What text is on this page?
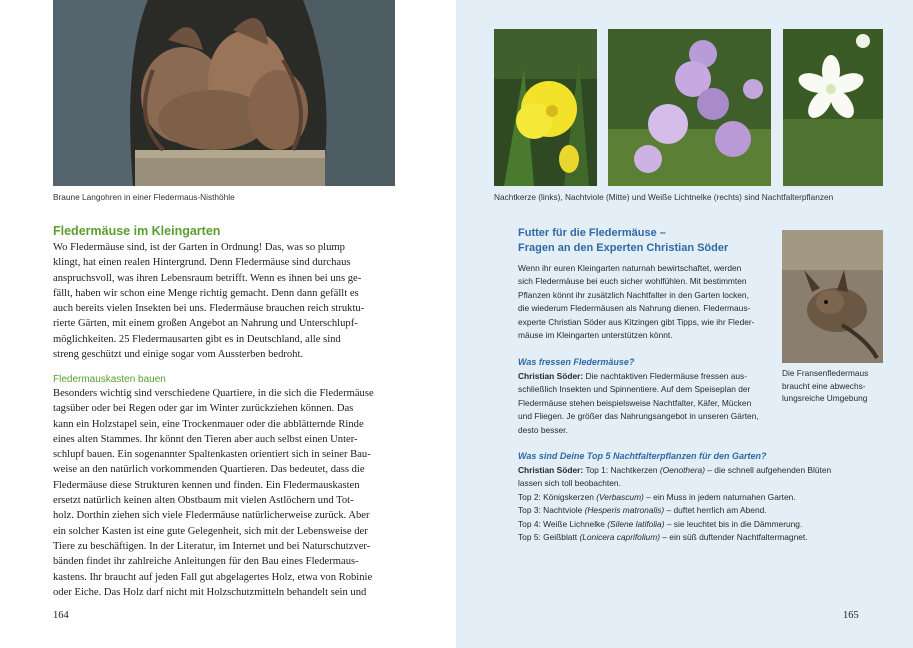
Braune Langohren in einer Fledermaus-Nisthöhle
Fledermäuse im Kleingarten
Wo Fledermäuse sind, ist der Garten in Ordnung! Das, was so plump
klingt, hat einen realen Hintergrund. Denn Fledermäuse sind durchaus
anspruchsvoll, was ihren Lebensraum betrifft. Wenn es ihnen bei uns ge-
fällt, haben wir schon eine Menge richtig gemacht. Denn dann gefällt es
auch bereits vielen Insekten bei uns. Fledermäuse brauchen reich struktu-
rierte Gärten, mit einem großen Angebot an Nahrung und Unterschlupf-
möglichkeiten. 25 Fledermausarten gibt es in Deutschland, alle sind
streng geschützt und einige sogar vom Aussterben bedroht.
Fledermauskasten bauen
Besonders wichtig sind verschiedene Quartiere, in die sich die Fledermäuse
tagsüber oder bei Regen oder gar im Winter zurückziehen können. Das
kann ein Holzstapel sein, eine Trockenmauer oder die abblätternde Rinde
eines alten Stammes. Ihr könnt den Tieren aber auch selbst einen Unter-
schlupf bauen. Ein sogenannter Spaltenkasten orientiert sich in seiner Bau-
weise an den natürlich vorkommenden Quartieren. Das bedeutet, dass die
Fledermäuse diese Strukturen kennen und finden. Ein Fledermauskasten
ersetzt natürlich keinen alten Obstbaum mit vielen Astlöchern und Tot-
holz. Dorthin ziehen sich viele Fledermäuse natürlicherweise zurück. Aber
ein solcher Kasten ist eine gute Gelegenheit, sich mit der Lebensweise der
Tiere zu beschäftigen. In der Literatur, im Internet und bei Naturschutzver-
bänden findet ihr zahlreiche Anleitungen für den Bau eines Fledermaus-
kastens. Ihr braucht auf jeden Fall gut abgelagertes Holz, etwa von Robinie
oder Eiche. Das Holz darf nicht mit Holzschutzmitteln behandelt sein und
164
Nachtkerze (links), Nachtviole (Mitte) und Weiße Lichtnelke (rechts) sind Nachtfalterpflanzen
Futter für die Fledermäuse –
Fragen an den Experten Christian Söder
Wenn ihr euren Kleingarten naturnah bewirtschaftet, werden
sich Fledermäuse bei euch sicher wohlfühlen. Mit bestimmten
Pflanzen könnt ihr zusätzlich Nachtfalter in den Garten locken,
die wiederum Fledermäusen als Nahrung dienen. Fledermaus-
experte Christian Söder aus Kitzingen gibt Tipps, wie ihr Fleder-
mäuse im Kleingarten unterstützen könnt.
Die Fransenfledermaus
braucht eine abwechs-
lungsreiche Umgebung
Was fressen Fledermäuse?
Christian Söder: Die nachtaktiven Fledermäuse fressen aus-
schließlich Insekten und Spinnentiere. Auf dem Speiseplan der
Fledermäuse stehen beispielsweise Nachtfalter, Käfer, Mücken
und Fliegen. Je größer das Nahrungsangebot in unseren Gärten,
desto besser.
Was sind Deine Top 5 Nachtfalterpflanzen für den Garten?
Christian Söder: Top 1: Nachtkerzen (Oenothera) – die schnell aufgehenden Blüten
lassen sich toll beobachten.
Top 2: Königskerzen (Verbascum) – ein Muss in jedem naturnahen Garten.
Top 3: Nachtviole (Hesperis matronalis) – duftet herrlich am Abend.
Top 4: Weiße Lichnelke (Silene latifolia) – sie leuchtet bis in die Dämmerung.
Top 5: Geißblatt (Lonicera caprifolium) – ein süß duftender Nachtfaltermagnet.
165
